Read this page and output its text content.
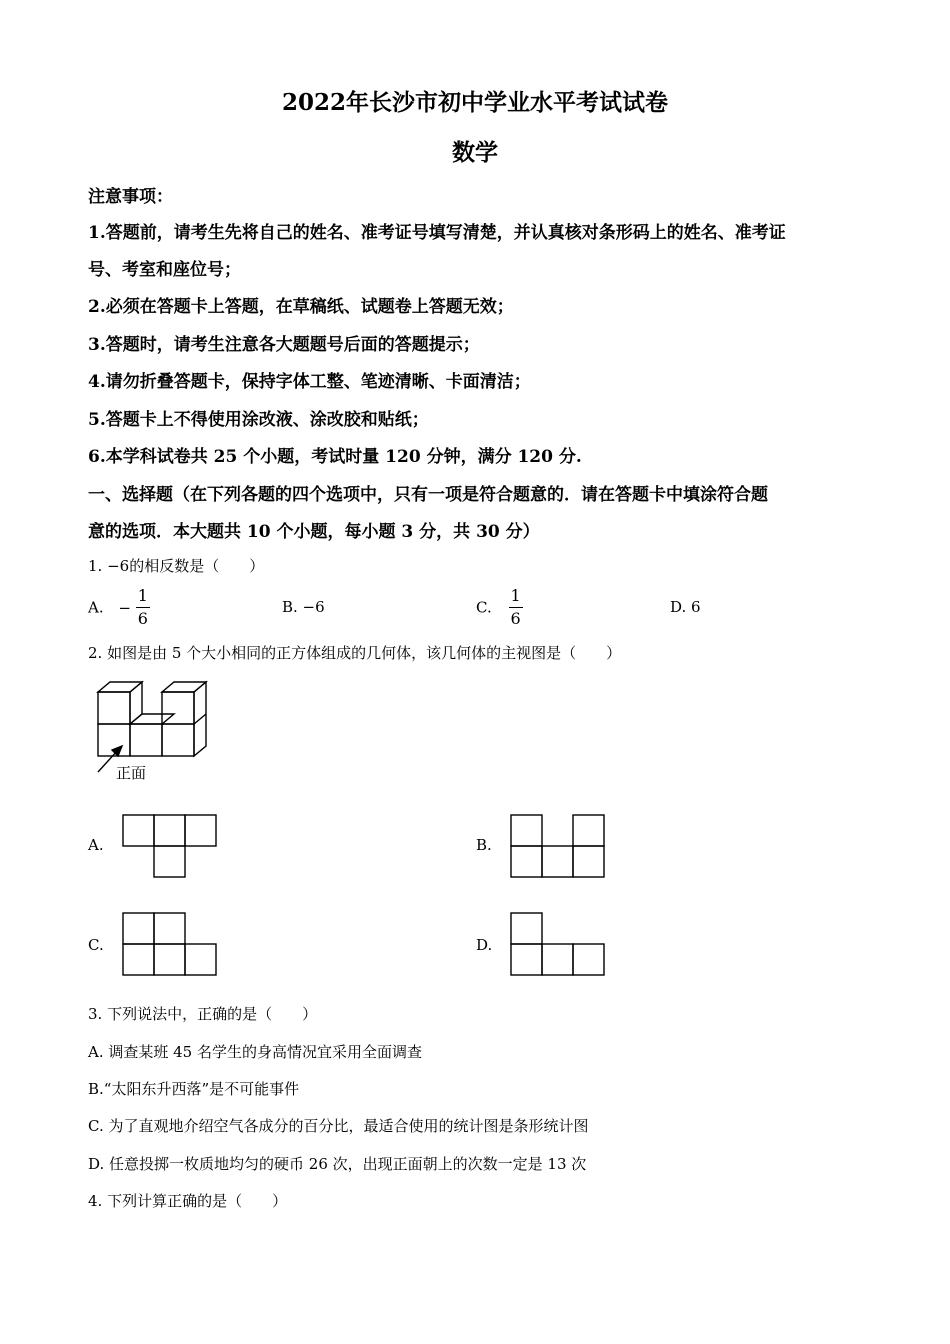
2022年长沙市初中学业水平考试试卷
数学
注意事项：
1.答题前，请考生先将自己的姓名、准考证号填写清楚，并认真核对条形码上的姓名、准考证
号、考室和座位号；
2.必须在答题卡上答题，在草稿纸、试题卷上答题无效；
3.答题时，请考生注意各大题题号后面的答题提示；
4.请勿折叠答题卡，保持字体工整、笔迹清晰、卡面清洁；
5.答题卡上不得使用涂改液、涂改胶和贴纸；
6.本学科试卷共 25 个小题，考试时量 120 分钟，满分 120 分.
一、选择题（在下列各题的四个选项中，只有一项是符合题意的．请在答题卡中填涂符合题
意的选项．本大题共 10 个小题，每小题 3 分，共 30 分）
1. −6的相反数是（　　）
A. − $\frac{1}{6}$	B. −6	C. $\frac{1}{6}$	D. 6
2. 如图是由 5 个大小相同的正方体组成的几何体，该几何体的主视图是（　　）
正面
A.	B.
C.	D.
3. 下列说法中，正确的是（　　）
A. 调查某班 45 名学生的身高情况宜采用全面调查
B.“太阳东升西落”是不可能事件
C. 为了直观地介绍空气各成分的百分比，最适合使用的统计图是条形统计图
D. 任意投掷一枚质地均匀的硬币 26 次，出现正面朝上的次数一定是 13 次
4. 下列计算正确的是（　　）
